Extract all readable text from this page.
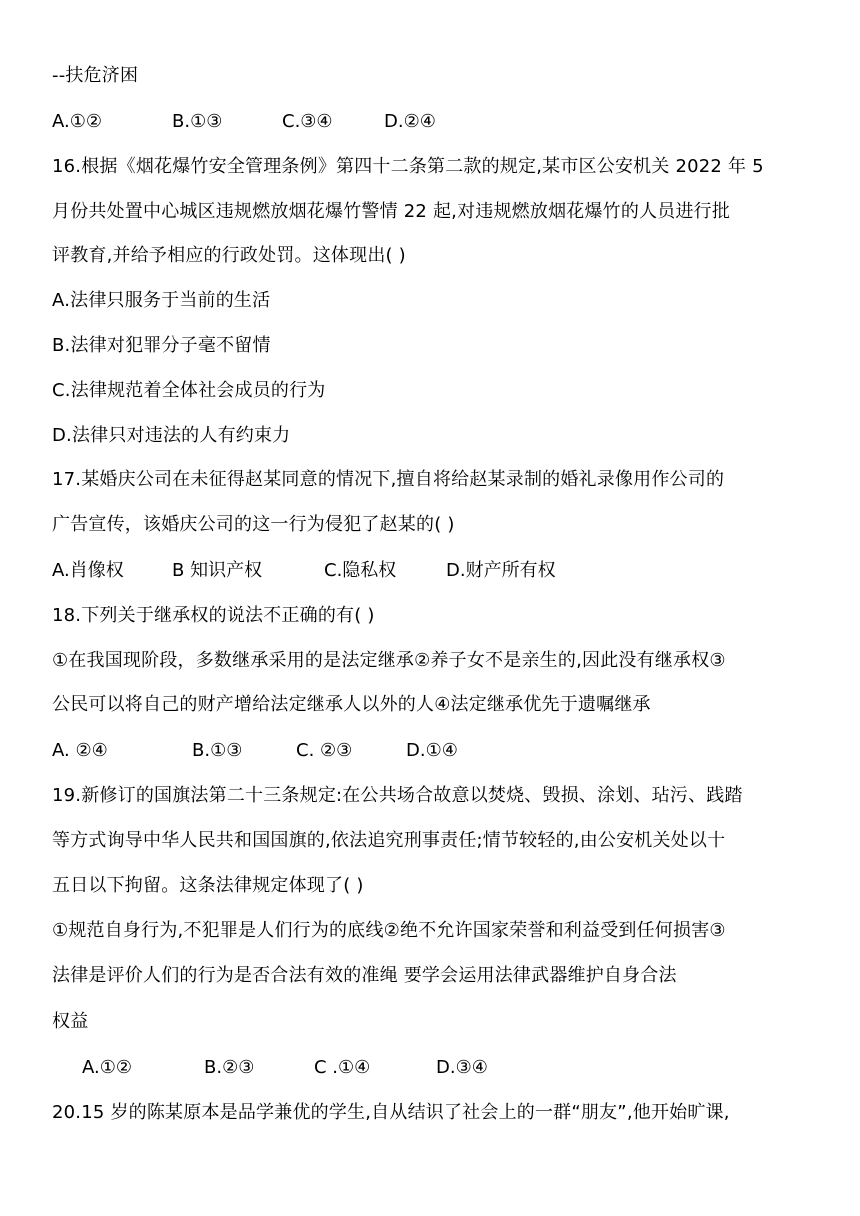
--扶危济困
A.①②	B.①③	C.③④	D.②④
16.根据《烟花爆竹安全管理条例》第四十二条第二款的规定,某市区公安机关 2022 年 5
月份共处置中心城区违规燃放烟花爆竹警情 22 起,对违规燃放烟花爆竹的人员进行批
评教育,并给予相应的行政处罚。这体现出( )
A.法律只服务于当前的生活
B.法律对犯罪分子毫不留情
C.法律规范着全体社会成员的行为
D.法律只对违法的人有约束力
17.某婚庆公司在未征得赵某同意的情况下,擅自将给赵某录制的婚礼录像用作公司的
广告宣传，该婚庆公司的这一行为侵犯了赵某的( )
A.肖像权	B 知识产权	C.隐私权	D.财产所有权
18.下列关于继承权的说法不正确的有( )
①在我国现阶段，多数继承采用的是法定继承②养子女不是亲生的,因此没有继承权③
公民可以将自己的财产增给法定继承人以外的人④法定继承优先于遗嘱继承
A. ②④	B.①③	C. ②③	D.①④
19.新修订的国旗法第二十三条规定:在公共场合故意以焚烧、毁损、涂划、玷污、践踏
等方式询导中华人民共和国国旗的,依法追究刑事责任;情节较轻的,由公安机关处以十
五日以下拘留。这条法律规定体现了( )
①规范自身行为,不犯罪是人们行为的底线②绝不允许国家荣誉和利益受到任何损害③
法律是评价人们的行为是否合法有效的准绳 要学会运用法律武器维护自身合法
权益
A.①②	B.②③	C .①④	D.③④
20.15 岁的陈某原本是品学兼优的学生,自从结识了社会上的一群“朋友”,他开始旷课,
